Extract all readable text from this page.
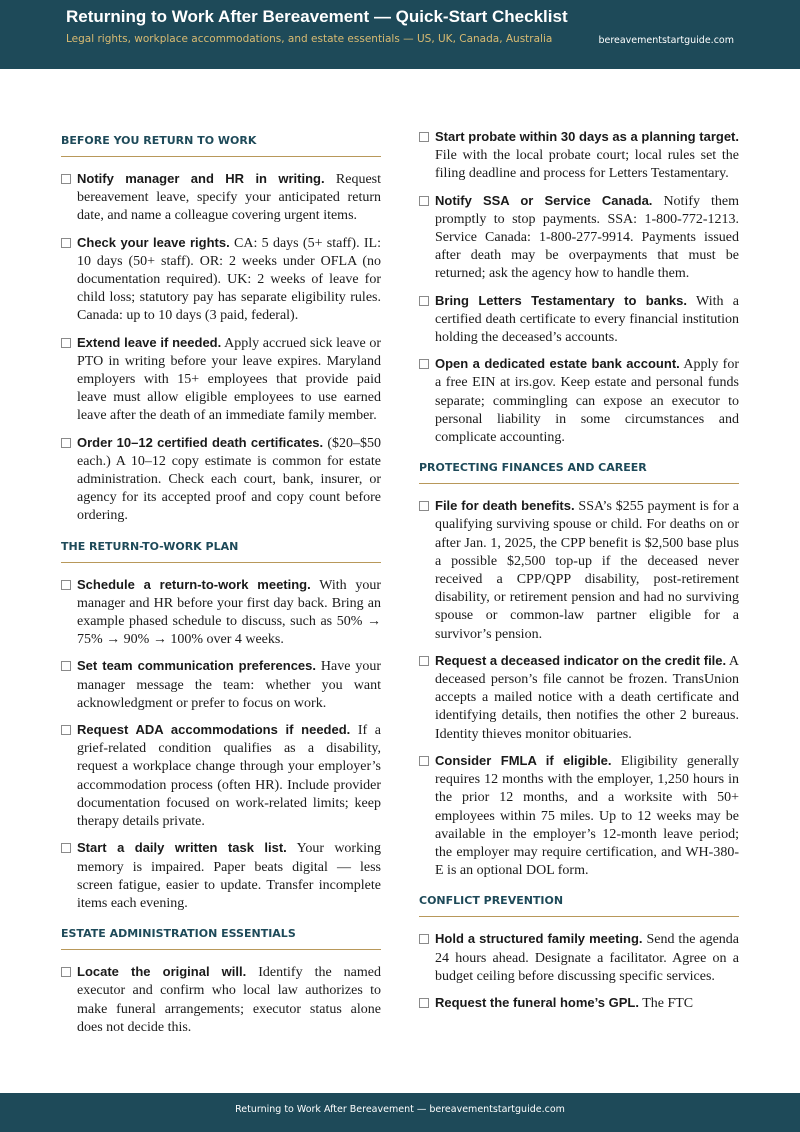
Returning to Work After Bereavement — Quick-Start Checklist

Legal rights, workplace accommodations, and estate essentials — US, UK, Canada, Australia	bereavementstartguide.com

BEFORE YOU RETURN TO WORK
Notify manager and HR in writing. Request bereavement leave, specify your anticipated return date, and name a colleague covering urgent items.
Check your leave rights. CA: 5 days (5+ staff). IL: 10 days (50+ staff). OR: 2 weeks under OFLA (no documentation required). UK: 2 weeks of leave for child loss; statutory pay has separate eligibility rules. Canada: up to 10 days (3 paid, federal).
Extend leave if needed. Apply accrued sick leave or PTO in writing before your leave expires. Maryland employers with 15+ employees that provide paid leave must allow eligible employees to use earned leave after the death of an immediate family member.
Order 10–12 certified death certificates. ($20–$50 each.) A 10–12 copy estimate is common for estate administration. Check each court, bank, insurer, or agency for its accepted proof and copy count before ordering.
THE RETURN-TO-WORK PLAN
Schedule a return-to-work meeting. With your manager and HR before your first day back. Bring an example phased schedule to discuss, such as 50% → 75% → 90% → 100% over 4 weeks.
Set team communication preferences. Have your manager message the team: whether you want acknowledgment or prefer to focus on work.
Request ADA accommodations if needed. If a grief-related condition qualifies as a disability, request a workplace change through your employer’s accommodation process (often HR). Include provider documentation focused on work-related limits; keep therapy details private.
Start a daily written task list. Your working memory is impaired. Paper beats digital — less screen fatigue, easier to update. Transfer incomplete items each evening.
ESTATE ADMINISTRATION ESSENTIALS
Locate the original will. Identify the named executor and confirm who local law authorizes to make funeral arrangements; executor status alone does not decide this.
Start probate within 30 days as a planning target. File with the local probate court; local rules set the filing deadline and process for Letters Testamentary.
Notify SSA or Service Canada. Notify them promptly to stop payments. SSA: 1-800-772-1213. Service Canada: 1-800-277-9914. Payments issued after death may be overpayments that must be returned; ask the agency how to handle them.
Bring Letters Testamentary to banks. With a certified death certificate to every financial institution holding the deceased’s accounts.
Open a dedicated estate bank account. Apply for a free EIN at irs.gov. Keep estate and personal funds separate; commingling can expose an executor to personal liability in some circumstances and complicate accounting.
PROTECTING FINANCES AND CAREER
File for death benefits. SSA’s $255 payment is for a qualifying surviving spouse or child. For deaths on or after Jan. 1, 2025, the CPP benefit is $2,500 base plus a possible $2,500 top-up if the deceased never received a CPP/QPP disability, post-retirement disability, or retirement pension and had no surviving spouse or common-law partner eligible for a survivor’s pension.
Request a deceased indicator on the credit file. A deceased person’s file cannot be frozen. TransUnion accepts a mailed notice with a death certificate and identifying details, then notifies the other 2 bureaus. Identity thieves monitor obituaries.
Consider FMLA if eligible. Eligibility generally requires 12 months with the employer, 1,250 hours in the prior 12 months, and a worksite with 50+ employees within 75 miles. Up to 12 weeks may be available in the employer’s 12-month leave period; the employer may require certification, and WH-380-E is an optional DOL form.
CONFLICT PREVENTION
Hold a structured family meeting. Send the agenda 24 hours ahead. Designate a facilitator. Agree on a budget ceiling before discussing specific services.
Request the funeral home’s GPL. The FTC

Returning to Work After Bereavement — bereavementstartguide.com
